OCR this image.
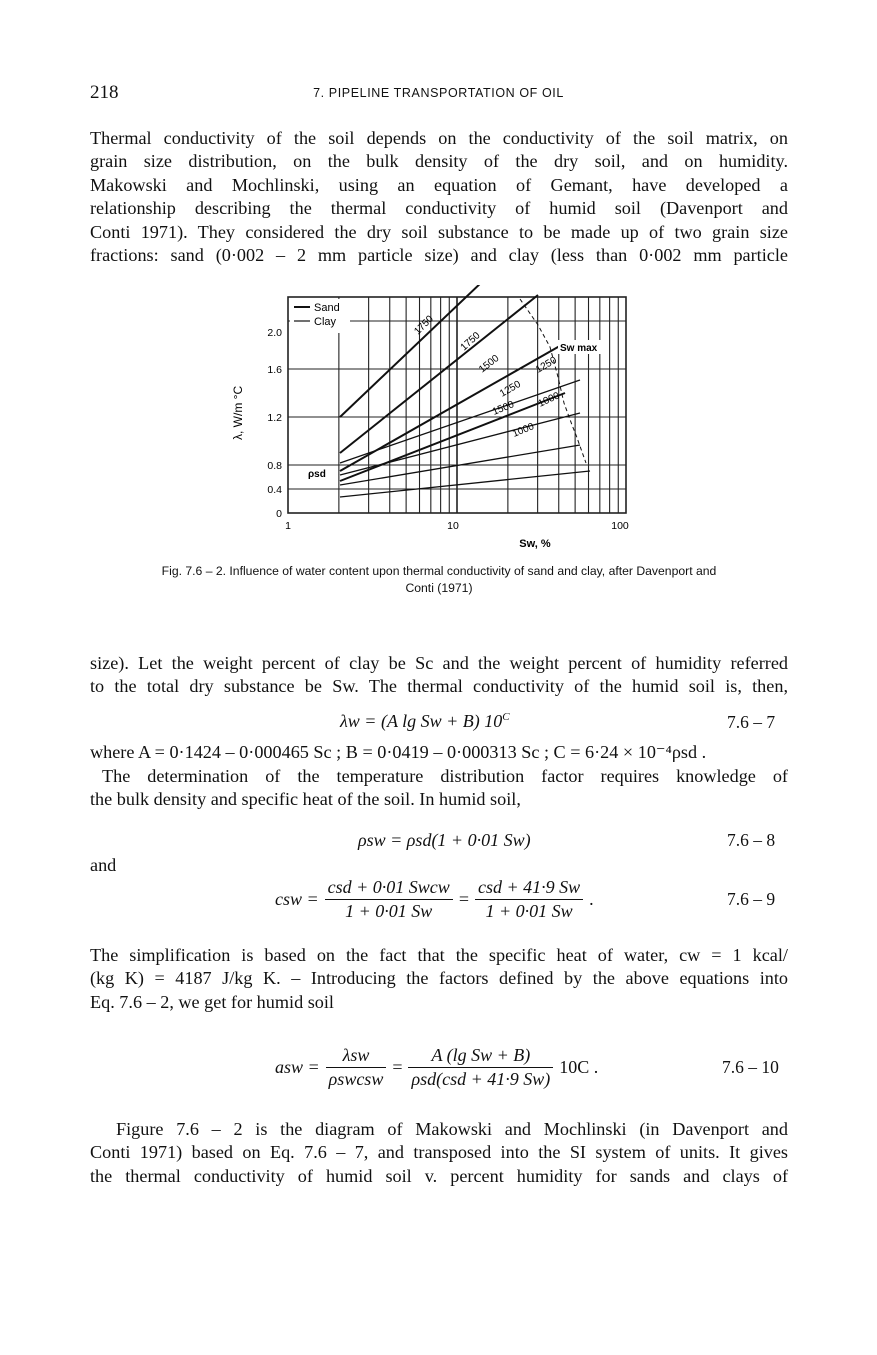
218	7. PIPELINE TRANSPORTATION OF OIL
Thermal conductivity of the soil depends on the conductivity of the soil matrix, on
grain size distribution, on the bulk density of the dry soil, and on humidity.
Makowski and Mochlinski, using an equation of Gemant, have developed a
relationship describing the thermal conductivity of humid soil (Davenport and
Conti 1971). They considered the dry soil substance to be made up of two grain size
fractions: sand (0·002 – 2 mm particle size) and clay (less than 0·002 mm particle
Sand
Clay	1750
1500
1250
1000
1750
1500
1250
1000
Sw max
ρsd
2.0
1.6
1.2
0.8
0.4
0
λ, W/m °C
1	10	100
Sw, %
Fig. 7.6 – 2. Influence of water content upon thermal conductivity of sand and clay, after Davenport and
Conti (1971)
size). Let the weight percent of clay be Sc and the weight percent of humidity referred
to the total dry substance be Sw. The thermal conductivity of the humid soil is, then,
λw = (A lg Sw + B) $10^C$	7.6 – 7
where A = 0·1424 – 0·000465 Sc ; B = 0·0419 – 0·000313 Sc ; C = 6·24 × 10⁻⁴ρsd .
The determination of the temperature distribution factor requires knowledge of
the bulk density and specific heat of the soil. In humid soil,
ρsw = ρsd(1 + 0·01 Sw)	7.6 – 8
and
csw = $\frac{\text{csd + 0·01 Swcw}}{1 + 0\cdot 01 Sw} = \frac{\text{csd + 41·9 Sw}}{1 + 0\cdot 01 Sw}$ .	7.6 – 9
The simplification is based on the fact that the specific heat of water, cw = 1 kcal/
(kg K) = 4187 J/kg K. – Introducing the factors defined by the above equations into
Eq. 7.6 – 2, we get for humid soil
asw = $\frac{\text{λsw}}{\text{ρswcsw}} = \frac{\text{A (lg Sw + B)}}{\text{ρsd(csd + 41·9 Sw)}} 10C$ .	7.6 – 10
Figure 7.6 – 2 is the diagram of Makowski and Mochlinski (in Davenport and
Conti 1971) based on Eq. 7.6 – 7, and transposed into the SI system of units. It gives
the thermal conductivity of humid soil v. percent humidity for sands and clays of
